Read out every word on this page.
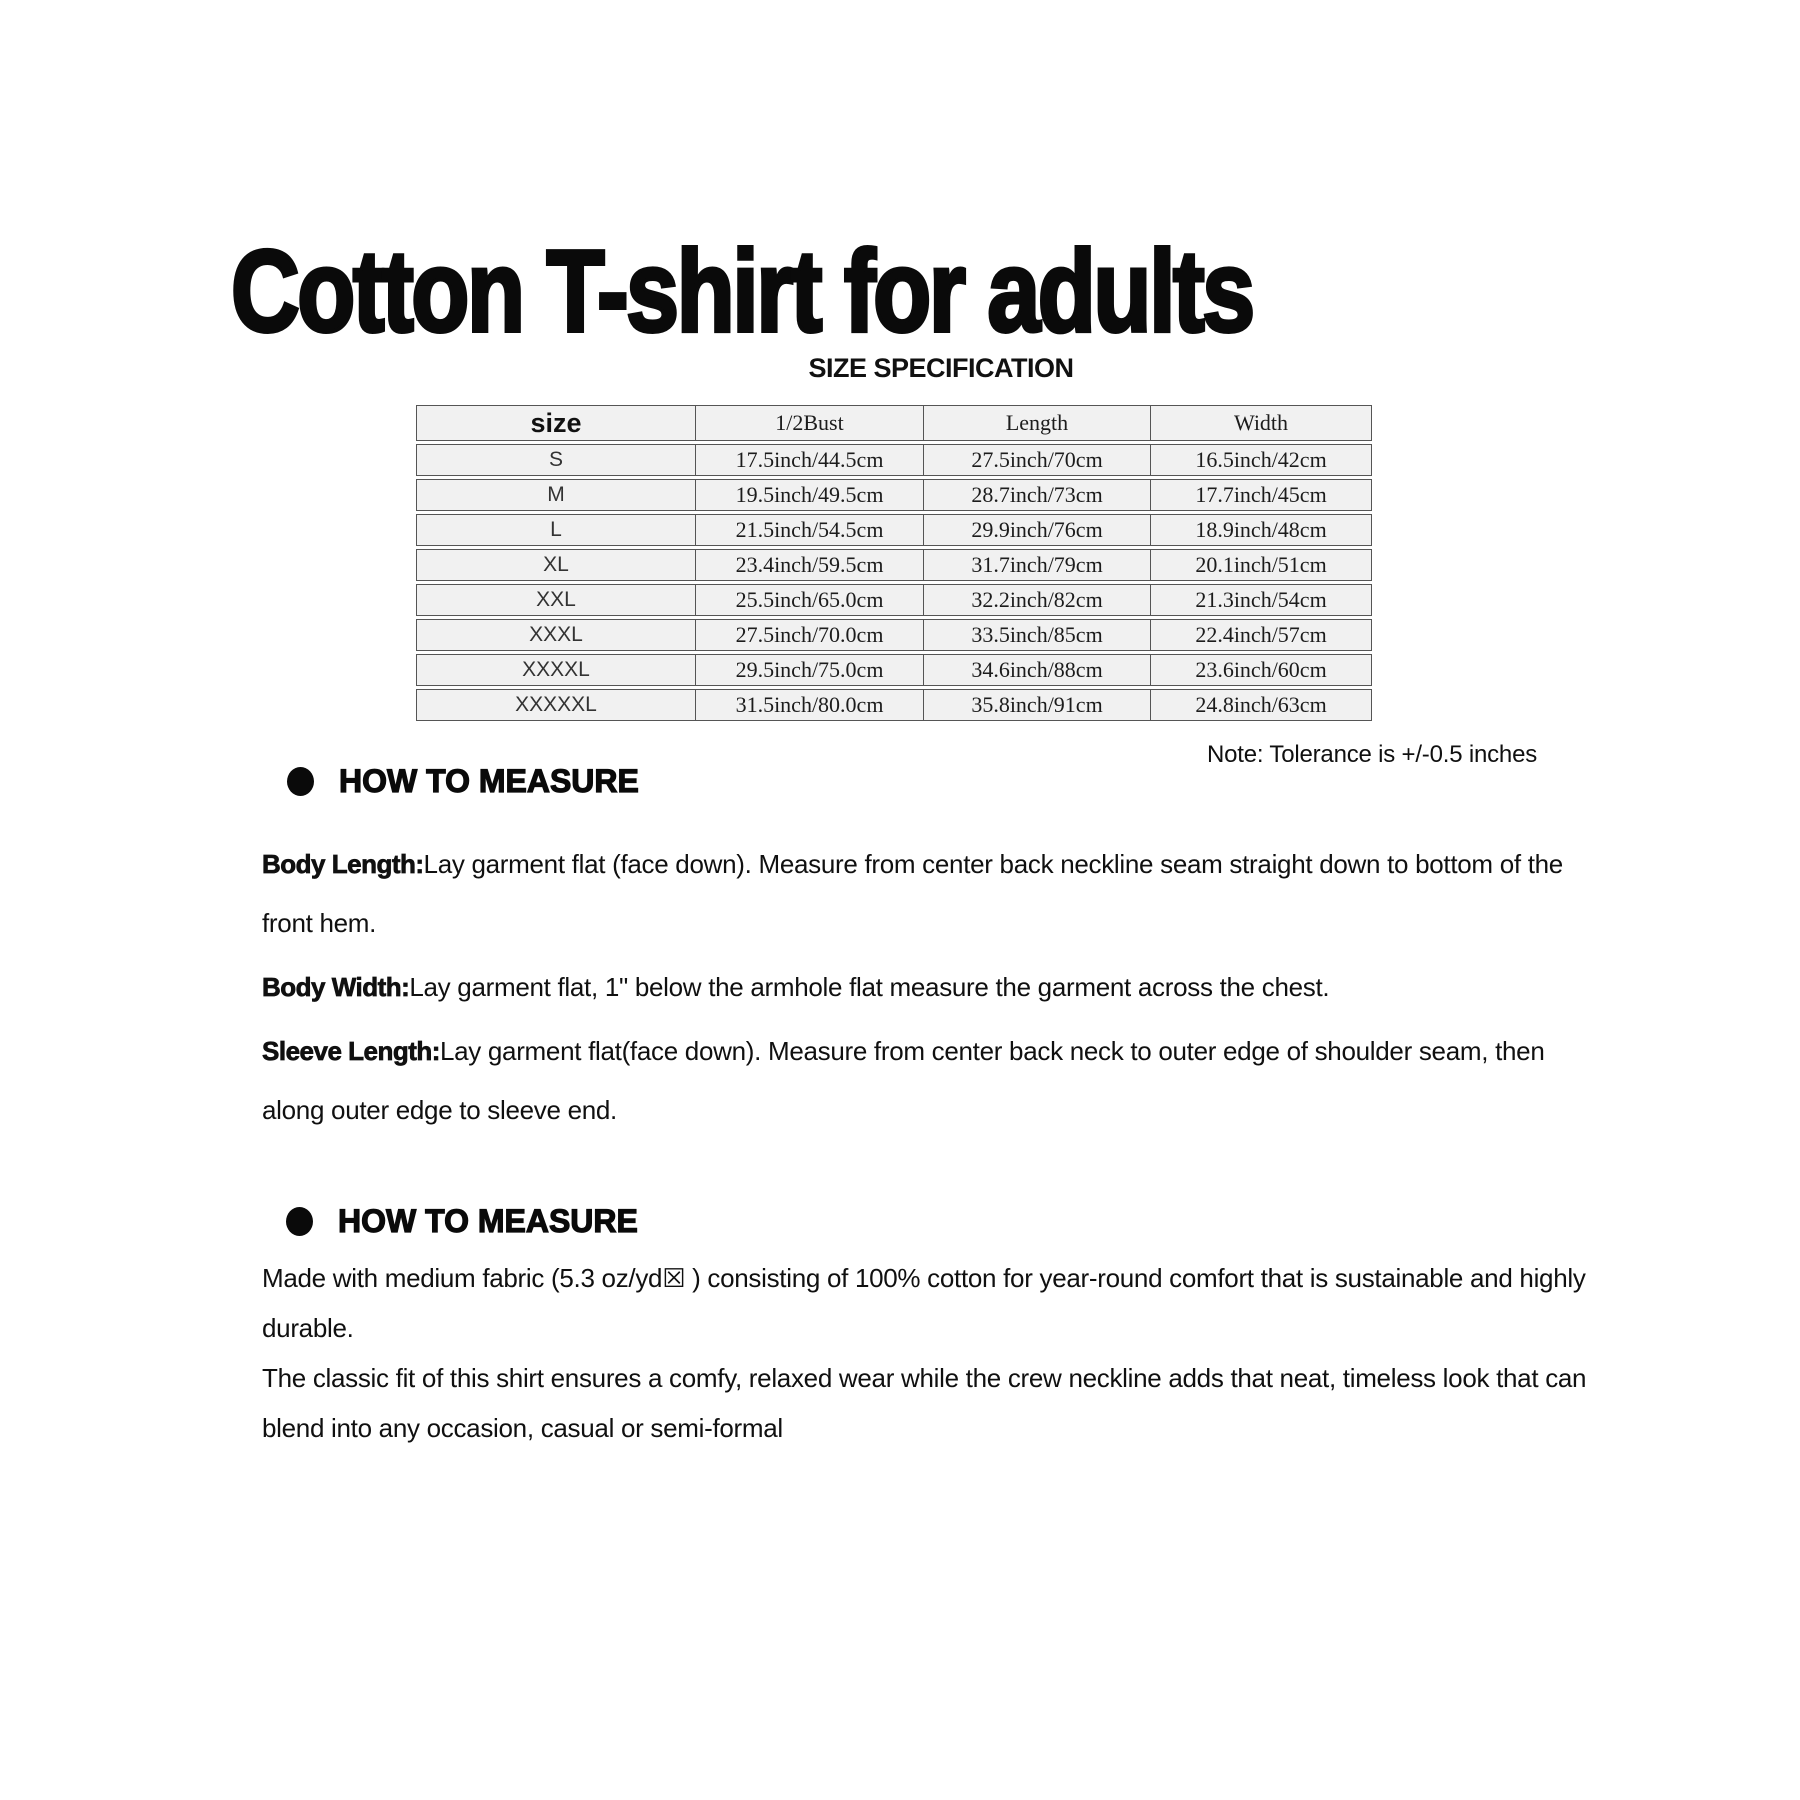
Cotton T-shirt for adults
SIZE SPECIFICATION
size	1/2Bust	Length	Width
S	17.5inch/44.5cm	27.5inch/70cm	16.5inch/42cm
M	19.5inch/49.5cm	28.7inch/73cm	17.7inch/45cm
L	21.5inch/54.5cm	29.9inch/76cm	18.9inch/48cm
XL	23.4inch/59.5cm	31.7inch/79cm	20.1inch/51cm
XXL	25.5inch/65.0cm	32.2inch/82cm	21.3inch/54cm
XXXL	27.5inch/70.0cm	33.5inch/85cm	22.4inch/57cm
XXXXL	29.5inch/75.0cm	34.6inch/88cm	23.6inch/60cm
XXXXXL	31.5inch/80.0cm	35.8inch/91cm	24.8inch/63cm
Note: Tolerance is +/-0.5 inches
HOW TO MEASURE

Body Length:Lay garment flat (face down). Measure from center back neckline seam straight down to bottom of the front hem.

Body Width:Lay garment flat, 1" below the armhole flat measure the garment across the chest.

Sleeve Length:Lay garment flat(face down). Measure from center back neck to outer edge of shoulder seam, then along outer edge to sleeve end.

HOW TO MEASURE

Made with medium fabric (5.3 oz/yd☒ ) consisting of 100% cotton for year-round comfort that is sustainable and highly durable.

The classic fit of this shirt ensures a comfy, relaxed wear while the crew neckline adds that neat, timeless look that can blend into any occasion, casual or semi-formal
